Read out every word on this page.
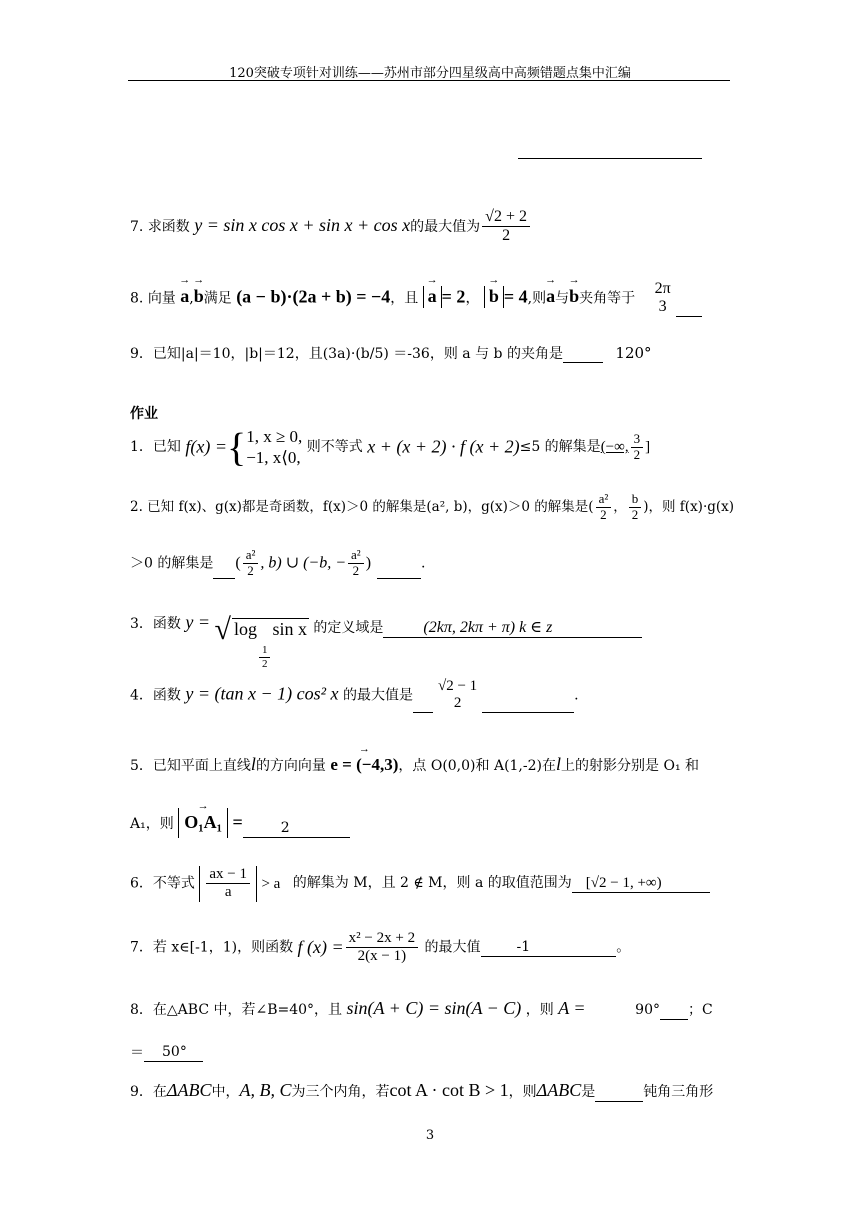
120突破专项针对训练——苏州市部分四星级高中高频错题点集中汇编
7. 求函数 y = sin x cos x + sin x + cos x的最大值为 $\frac{√2 + 2}{2}$
8. 向量 → a,→ b满足 (a − b)·(2a + b) = −4，且 → a = 2， → b = 4,则→ a与→ b夹角等于
2π
3
9．已知|a|＝10，|b|＝12，且(3a)·(b/5) ＝-36，则 a 与 b 的夹角是	120°
作业
1．已知 f(x) ={ 1, x ≥ 0,
−1, x⟨0,
则不等式 x + (x + 2) · f (x + 2)≤5 的解集是(−∞, $\frac{3}{2}$ ]
2. 已知 f(x)、g(x)都是奇函数，f(x)＞0 的解集是(a², b)，g(x)＞0 的解集是( $\frac{\text{a²}}{2}$ ， $\frac{b}{2}$ )，则 f(x)·g(x)
＞0 的解集是 ( $\frac{\text{a²}}{2}$ , b) ∪ (−b, − $\frac{\text{a²}}{2}$ )	.
3．函数 y = √ log
$\frac{1}{2}$
sin x 的定义域是	(2kπ, 2kπ + π) k ∈ z
4．函数 y = (tan x − 1) cos² x 的最大值是
√2 − 1
2	.
5．已知平面上直线l的方向向量 → e = (−4,3)，点 O(0,0)和 A(1,-2)在l上的射影分别是 O₁ 和
A₁，则 → O₁A₁ =	2
6．不等式 $\frac{ax - 1}{a} > a$ 的解集为 M，且 2 ∉ M，则 a 的取值范围为 [√2 − 1, +∞)
7．若 x∈[-1，1)，则函数 f $(x) = \frac{\text{x² − 2x + 2}}{2(x - 1)}$ 的最大值	-1	。
8．在△ABC 中，若∠B=40°，且 sin(A + C) = sin(A − C) ，则 A =	90° ；C
＝ 50°
9．在ΔABC中，A, B, C为三个内角，若cot A · cot B > 1，则ΔABC是	钝角三角形
3
